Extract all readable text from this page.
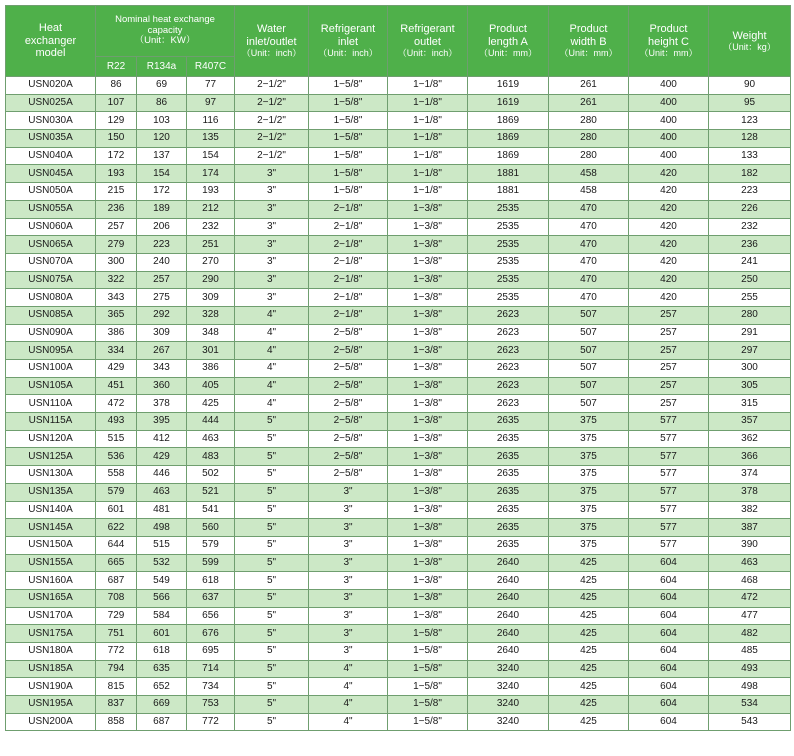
Heat
exchanger
model	Nominal heat exchange
capacity
（Unit：KW）			Water
inlet/outlet
（Unit：inch）	Refrigerant
inlet
（Unit：inch）	Refrigerant
outlet
（Unit：inch）	Product
length A
（Unit：mm）	Product
width B
（Unit：mm）	Product
height C
（Unit：mm）	Weight
（Unit：kg）

	R22	R134a	R407C							
USN020A	86	69	77	2−1/2"	1−5/8"	1−1/8"	1619	261	400	90
USN025A	107	86	97	2−1/2"	1−5/8"	1−1/8"	1619	261	400	95
USN030A	129	103	116	2−1/2"	1−5/8"	1−1/8"	1869	280	400	123
USN035A	150	120	135	2−1/2"	1−5/8"	1−1/8"	1869	280	400	128
USN040A	172	137	154	2−1/2"	1−5/8"	1−1/8"	1869	280	400	133
USN045A	193	154	174	3"	1−5/8"	1−1/8"	1881	458	420	182
USN050A	215	172	193	3"	1−5/8"	1−1/8"	1881	458	420	223
USN055A	236	189	212	3"	2−1/8"	1−3/8"	2535	470	420	226
USN060A	257	206	232	3"	2−1/8"	1−3/8"	2535	470	420	232
USN065A	279	223	251	3"	2−1/8"	1−3/8"	2535	470	420	236
USN070A	300	240	270	3"	2−1/8"	1−3/8"	2535	470	420	241
USN075A	322	257	290	3"	2−1/8"	1−3/8"	2535	470	420	250
USN080A	343	275	309	3"	2−1/8"	1−3/8"	2535	470	420	255
USN085A	365	292	328	4"	2−1/8"	1−3/8"	2623	507	257	280
USN090A	386	309	348	4"	2−5/8"	1−3/8"	2623	507	257	291
USN095A	334	267	301	4"	2−5/8"	1−3/8"	2623	507	257	297
USN100A	429	343	386	4"	2−5/8"	1−3/8"	2623	507	257	300
USN105A	451	360	405	4"	2−5/8"	1−3/8"	2623	507	257	305
USN110A	472	378	425	4"	2−5/8"	1−3/8"	2623	507	257	315
USN115A	493	395	444	5"	2−5/8"	1−3/8"	2635	375	577	357
USN120A	515	412	463	5"	2−5/8"	1−3/8"	2635	375	577	362
USN125A	536	429	483	5"	2−5/8"	1−3/8"	2635	375	577	366
USN130A	558	446	502	5"	2−5/8"	1−3/8"	2635	375	577	374
USN135A	579	463	521	5"	3"	1−3/8"	2635	375	577	378
USN140A	601	481	541	5"	3"	1−3/8"	2635	375	577	382
USN145A	622	498	560	5"	3"	1−3/8"	2635	375	577	387
USN150A	644	515	579	5"	3"	1−3/8"	2635	375	577	390
USN155A	665	532	599	5"	3"	1−3/8"	2640	425	604	463
USN160A	687	549	618	5"	3"	1−3/8"	2640	425	604	468
USN165A	708	566	637	5"	3"	1−3/8"	2640	425	604	472
USN170A	729	584	656	5"	3"	1−3/8"	2640	425	604	477
USN175A	751	601	676	5"	3"	1−5/8"	2640	425	604	482
USN180A	772	618	695	5"	3"	1−5/8"	2640	425	604	485
USN185A	794	635	714	5"	4"	1−5/8"	3240	425	604	493
USN190A	815	652	734	5"	4"	1−5/8"	3240	425	604	498
USN195A	837	669	753	5"	4"	1−5/8"	3240	425	604	534
USN200A	858	687	772	5"	4"	1−5/8"	3240	425	604	543
